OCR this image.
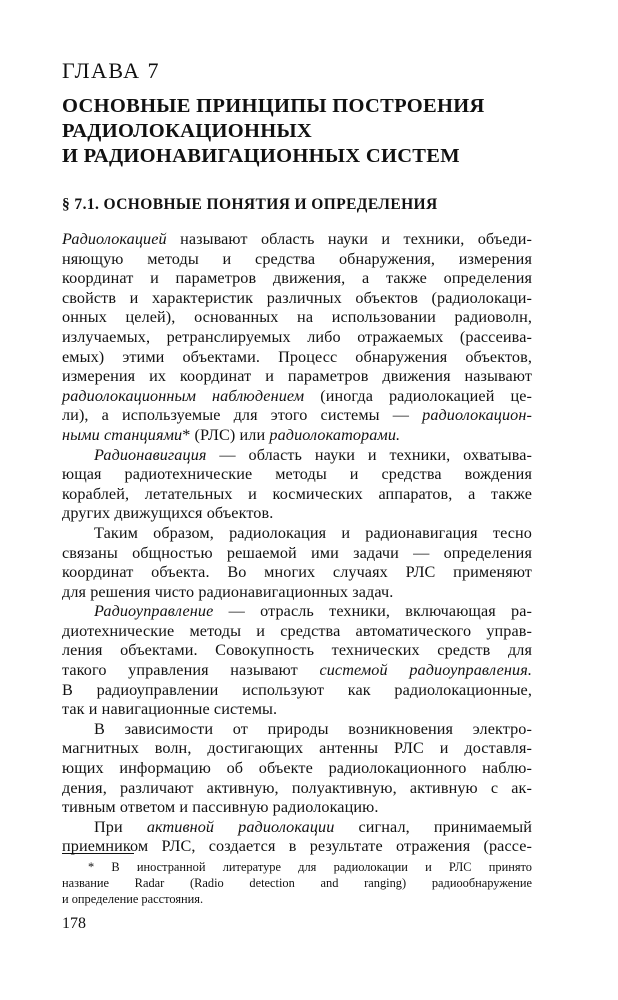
ГЛАВА 7
ОСНОВНЫЕ ПРИНЦИПЫ ПОСТРОЕНИЯ
РАДИОЛОКАЦИОННЫХ
И РАДИОНАВИГАЦИОННЫХ СИСТЕМ
§ 7.1. ОСНОВНЫЕ ПОНЯТИЯ И ОПРЕДЕЛЕНИЯ
Радиолокацией называют область науки и техники, объеди-
няющую методы и средства обнаружения, измерения
координат и параметров движения, а также определения
свойств и характеристик различных объектов (радиолокаци-
онных целей), основанных на использовании радиоволн,
излучаемых, ретранслируемых либо отражаемых (рассеива-
емых) этими объектами. Процесс обнаружения объектов,
измерения их координат и параметров движения называют
радиолокационным наблюдением (иногда радиолокацией це-
ли), а используемые для этого системы — радиолокацион-
ными станциями* (РЛС) или радиолокаторами.
Радионавигация — область науки и техники, охватыва-
ющая радиотехнические методы и средства вождения
кораблей, летательных и космических аппаратов, а также
других движущихся объектов.
Таким образом, радиолокация и радионавигация тесно
связаны общностью решаемой ими задачи — определения
координат объекта. Во многих случаях РЛС применяют
для решения чисто радионавигационных задач.
Радиоуправление — отрасль техники, включающая ра-
диотехнические методы и средства автоматического управ-
ления объектами. Совокупность технических средств для
такого управления называют системой радиоуправления.
В радиоуправлении используют как радиолокационные,
так и навигационные системы.
В зависимости от природы возникновения электро-
магнитных волн, достигающих антенны РЛС и доставля-
ющих информацию об объекте радиолокационного наблю-
дения, различают активную, полуактивную, активную с ак-
тивным ответом и пассивную радиолокацию.
При активной радиолокации сигнал, принимаемый
приемником РЛС, создается в результате отражения (рассе-
* В иностранной литературе для радиолокации и РЛС принято
название Radar (Radio detection and ranging) радиообнаружение
и определение расстояния.
178
